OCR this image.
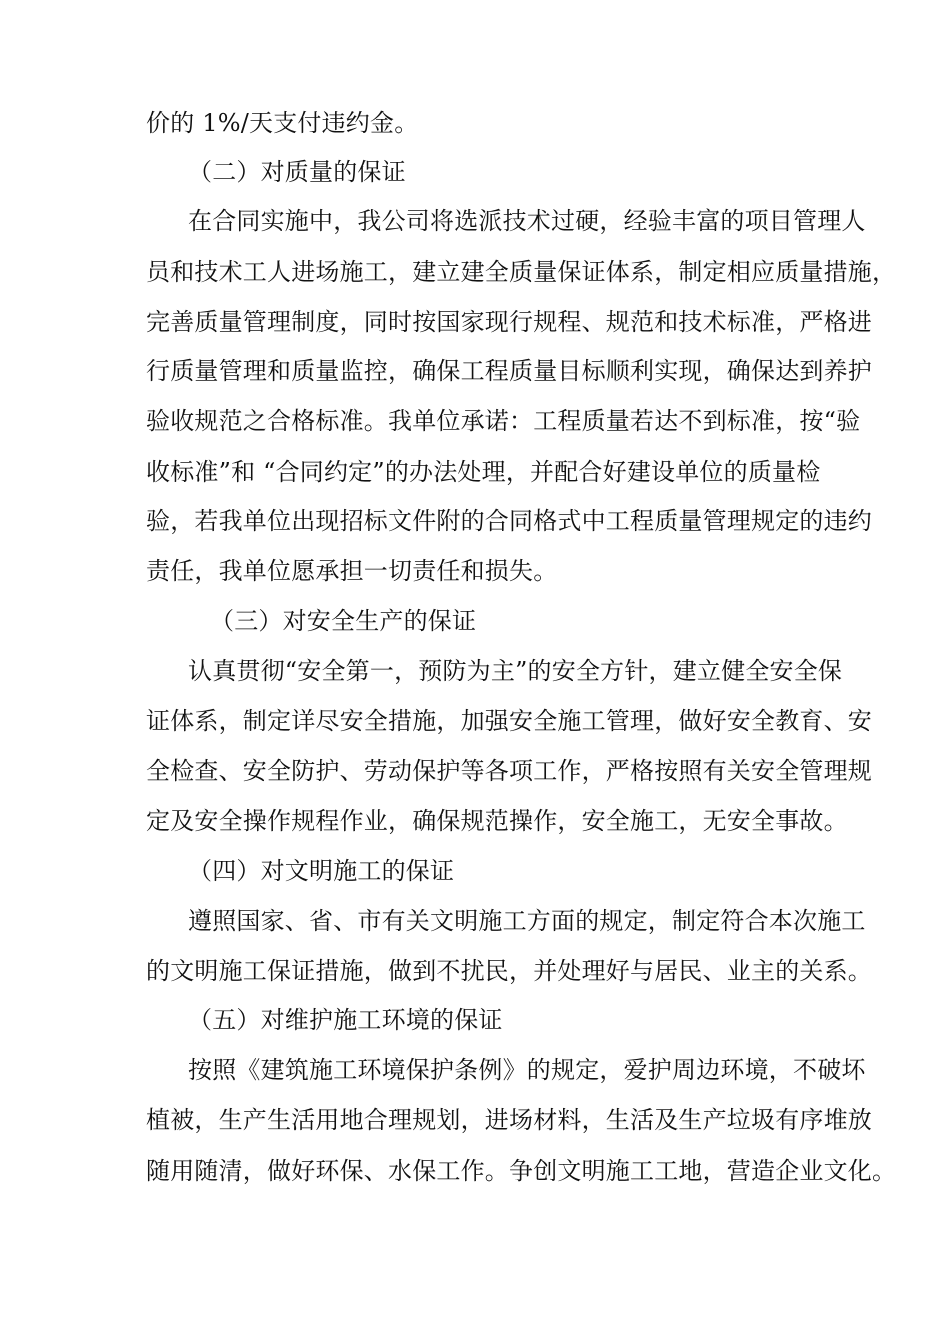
价的 1%/天支付违约金。
（二）对质量的保证
在合同实施中，我公司将选派技术过硬，经验丰富的项目管理人
员和技术工人进场施工，建立建全质量保证体系，制定相应质量措施，
完善质量管理制度，同时按国家现行规程、规范和技术标准，严格进
行质量管理和质量监控，确保工程质量目标顺利实现，确保达到养护
验收规范之合格标准。我单位承诺：工程质量若达不到标准，按“验
收标准”和 “合同约定”的办法处理，并配合好建设单位的质量检
验，若我单位出现招标文件附的合同格式中工程质量管理规定的违约
责任，我单位愿承担一切责任和损失。
（三）对安全生产的保证
认真贯彻“安全第一，预防为主”的安全方针，建立健全安全保
证体系，制定详尽安全措施，加强安全施工管理，做好安全教育、安
全检查、安全防护、劳动保护等各项工作，严格按照有关安全管理规
定及安全操作规程作业，确保规范操作，安全施工，无安全事故。
（四）对文明施工的保证
遵照国家、省、市有关文明施工方面的规定，制定符合本次施工
的文明施工保证措施，做到不扰民，并处理好与居民、业主的关系。
（五）对维护施工环境的保证
按照《建筑施工环境保护条例》的规定，爱护周边环境，不破坏
植被，生产生活用地合理规划，进场材料，生活及生产垃圾有序堆放
随用随清，做好环保、水保工作。争创文明施工工地，营造企业文化。
